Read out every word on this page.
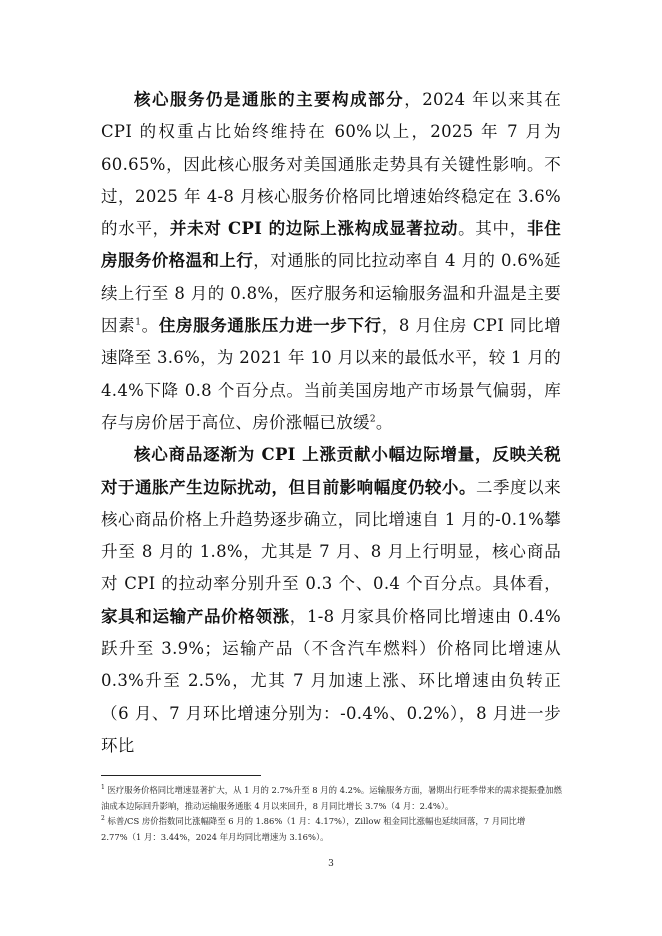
核心服务仍是通胀的主要构成部分，2024 年以来其在 CPI 的权重占比始终维持在 60%以上，2025 年 7 月为 60.65%，因此核心服务对美国通胀走势具有关键性影响。不过，2025 年 4-8 月核心服务价格同比增速始终稳定在 3.6%的水平，并未对 CPI 的边际上涨构成显著拉动。其中，非住房服务价格温和上行，对通胀的同比拉动率自 4 月的 0.6%延续上行至 8 月的 0.8%，医疗服务和运输服务温和升温是主要因素$^1$。住房服务通胀压力进一步下行，8 月住房 CPI 同比增速降至 3.6%，为 2021 年 10 月以来的最低水平，较 1 月的 4.4%下降 0.8 个百分点。当前美国房地产市场景气偏弱，库存与房价居于高位、房价涨幅已放缓$^2$。

核心商品逐渐为 CPI 上涨贡献小幅边际增量，反映关税对于通胀产生边际扰动，但目前影响幅度仍较小。二季度以来核心商品价格上升趋势逐步确立，同比增速自 1 月的-0.1%攀升至 8 月的 1.8%，尤其是 7 月、8 月上行明显，核心商品对 CPI 的拉动率分别升至 0.3 个、0.4 个百分点。具体看，家具和运输产品价格领涨，1-8 月家具价格同比增速由 0.4%跃升至 3.9%；运输产品（不含汽车燃料）价格同比增速从 0.3%升至 2.5%，尤其 7 月加速上涨、环比增速由负转正（6 月、7 月环比增速分别为：-0.4%、0.2%），8 月进一步环比

$^1$ 医疗服务价格同比增速显著扩大，从 1 月的 2.7%升至 8 月的 4.2%。运输服务方面，暑期出行旺季带来的需求提振叠加燃油成本边际回升影响，推动运输服务通胀 4 月以来回升，8 月同比增长 3.7%（4 月：2.4%）。

$^2$ 标普/CS 房价指数同比涨幅降至 6 月的 1.86%（1 月：4.17%），Zillow 租金同比涨幅也延续回落，7 月同比增 2.77%（1 月：3.44%，2024 年月均同比增速为 3.16%）。

3
